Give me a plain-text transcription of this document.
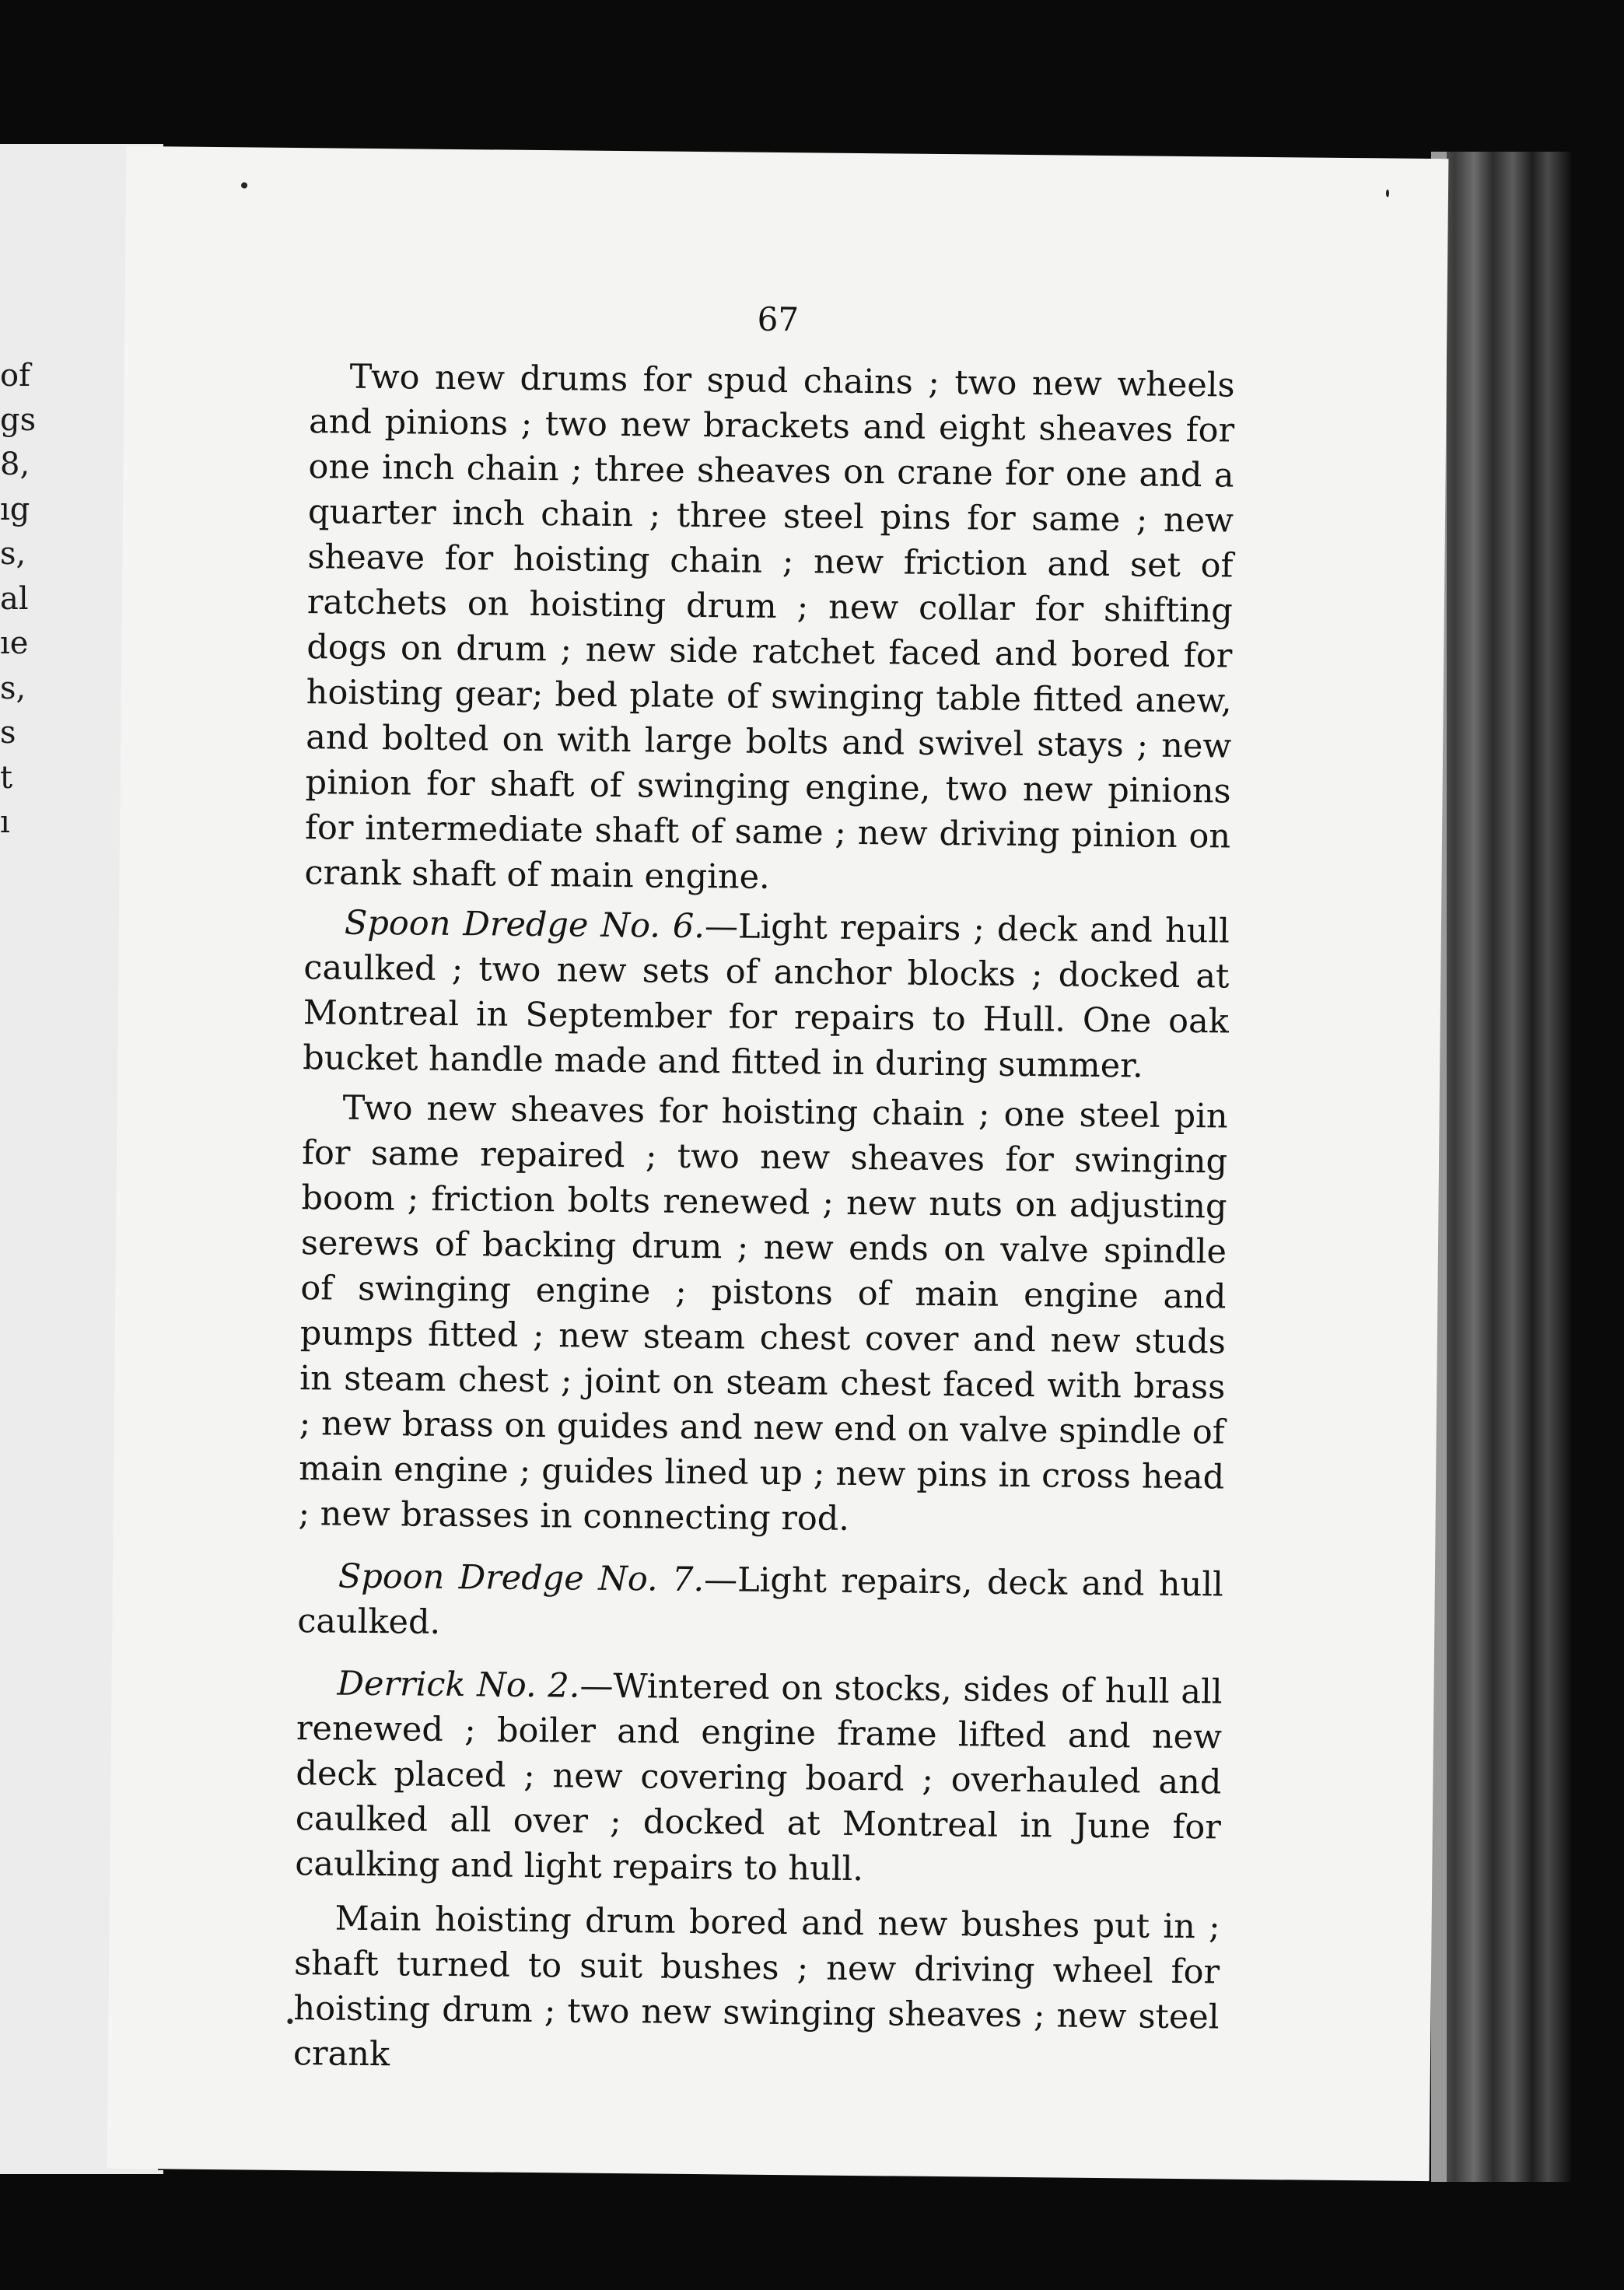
of
gs
8,
ıg
s,
al
ıe
s,
s
t
ı
67

Two new drums for spud chains ; two new wheels and pinions ; two new brackets and eight sheaves for one inch chain ; three sheaves on crane for one and a quarter inch chain ; three steel pins for same ; new sheave for hoisting chain ; new friction and set of ratchets on hoisting drum ; new collar for shifting dogs on drum ; new side ratchet faced and bored for hoisting gear; bed plate of swinging table fitted anew, and bolted on with large bolts and swivel stays ; new pinion for shaft of swinging engine, two new pinions for intermediate shaft of same ; new driving pinion on crank shaft of main engine.

Spoon Dredge No. 6.—Light repairs ; deck and hull caulked ; two new sets of anchor blocks ; docked at Montreal in September for repairs to Hull. One oak bucket handle made and fitted in during summer.

Two new sheaves for hoisting chain ; one steel pin for same repaired ; two new sheaves for swinging boom ; friction bolts renewed ; new nuts on adjusting serews of backing drum ; new ends on valve spindle of swinging engine ; pistons of main engine and pumps fitted ; new steam chest cover and new studs in steam chest ; joint on steam chest faced with brass ; new brass on guides and new end on valve spindle of main engine ; guides lined up ; new pins in cross head ; new brasses in connecting rod.

Spoon Dredge No. 7.—Light repairs, deck and hull caulked.

Derrick No. 2.—Wintered on stocks, sides of hull all renewed ; boiler and engine frame lifted and new deck placed ; new covering board ; overhauled and caulked all over ; docked at Montreal in June for caulking and light repairs to hull.

Main hoisting drum bored and new bushes put in ; shaft turned to suit bushes ; new driving wheel for hoisting drum ; two new swinging sheaves ; new steel crank
